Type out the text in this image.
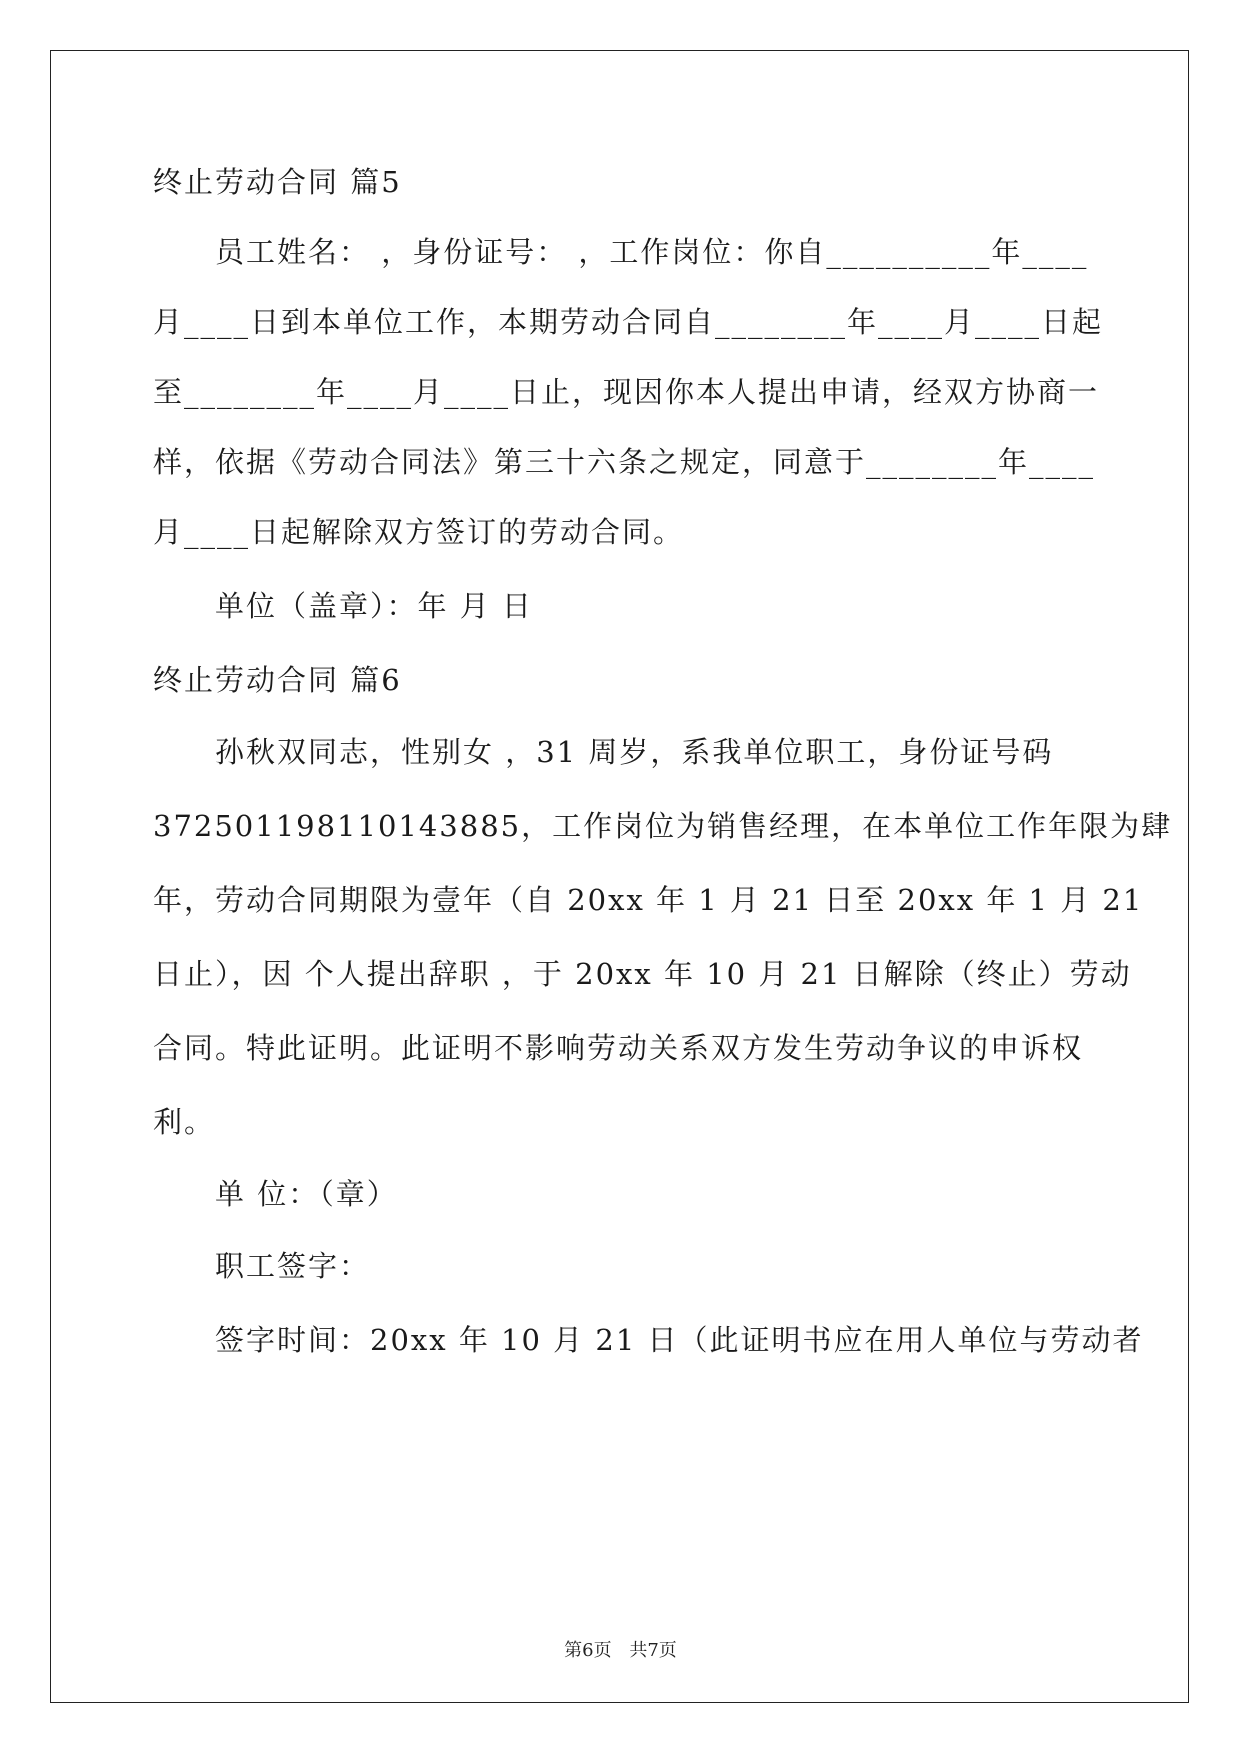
终止劳动合同 篇5
员工姓名： ，身份证号： ，工作岗位：你自__________年____
月____日到本单位工作，本期劳动合同自________年____月____日起
至________年____月____日止，现因你本人提出申请，经双方协商一
样，依据《劳动合同法》第三十六条之规定，同意于________年____
月____日起解除双方签订的劳动合同。
单位（盖章）：年 月 日
终止劳动合同 篇6
孙秋双同志，性别女 ，31 周岁，系我单位职工，身份证号码
372501198110143885，工作岗位为销售经理，在本单位工作年限为肆
年，劳动合同期限为壹年（自 20xx 年 1 月 21 日至 20xx 年 1 月 21
日止），因 个人提出辞职 ，于 20xx 年 10 月 21 日解除（终止）劳动
合同。特此证明。此证明不影响劳动关系双方发生劳动争议的申诉权
利。
单 位：（章）
职工签字：
签字时间：20xx 年 10 月 21 日（此证明书应在用人单位与劳动者
第6页 共7页
